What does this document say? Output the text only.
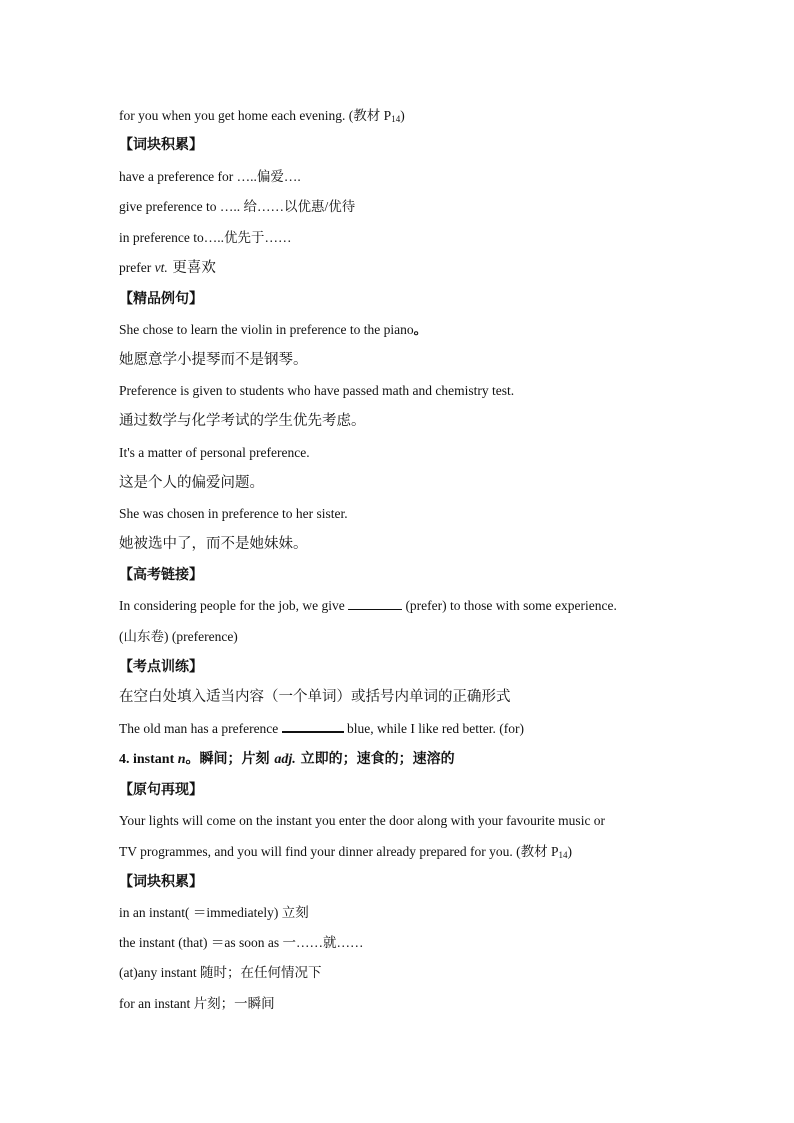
for you when you get home each evening. (教材 $P_{14}$)
【词块积累】
have a preference for …..偏爱….
give preference to ….. 给……以优惠/优待
in preference to…..优先于……
prefer vt. 更喜欢
【精品例句】
She chose to learn the violin in preference to the piano。
她愿意学小提琴而不是钢琴。
Preference is given to students who have passed math and chemistry test.
通过数学与化学考试的学生优先考虑。
It's a matter of personal preference.
这是个人的偏爱问题。
She was chosen in preference to her sister.
她被选中了，而不是她妹妹。
【高考链接】
In considering people for the job, we give	(prefer) to those with some experience.
(山东卷) (preference)
【考点训练】
在空白处填入适当内容（一个单词）或括号内单词的正确形式
The old man has a preference	blue, while I like red better. (for)
4. instant n。瞬间；片刻 adj. 立即的；速食的；速溶的
【原句再现】
Your lights will come on the instant you enter the door along with your favourite music or
TV programmes, and you will find your dinner already prepared for you. (教材 $P_{14}$)
【词块积累】
in an instant( ＝immediately) 立刻
the instant (that) ＝as soon as 一……就……
(at)any instant 随时；在任何情况下
for an instant 片刻；一瞬间
